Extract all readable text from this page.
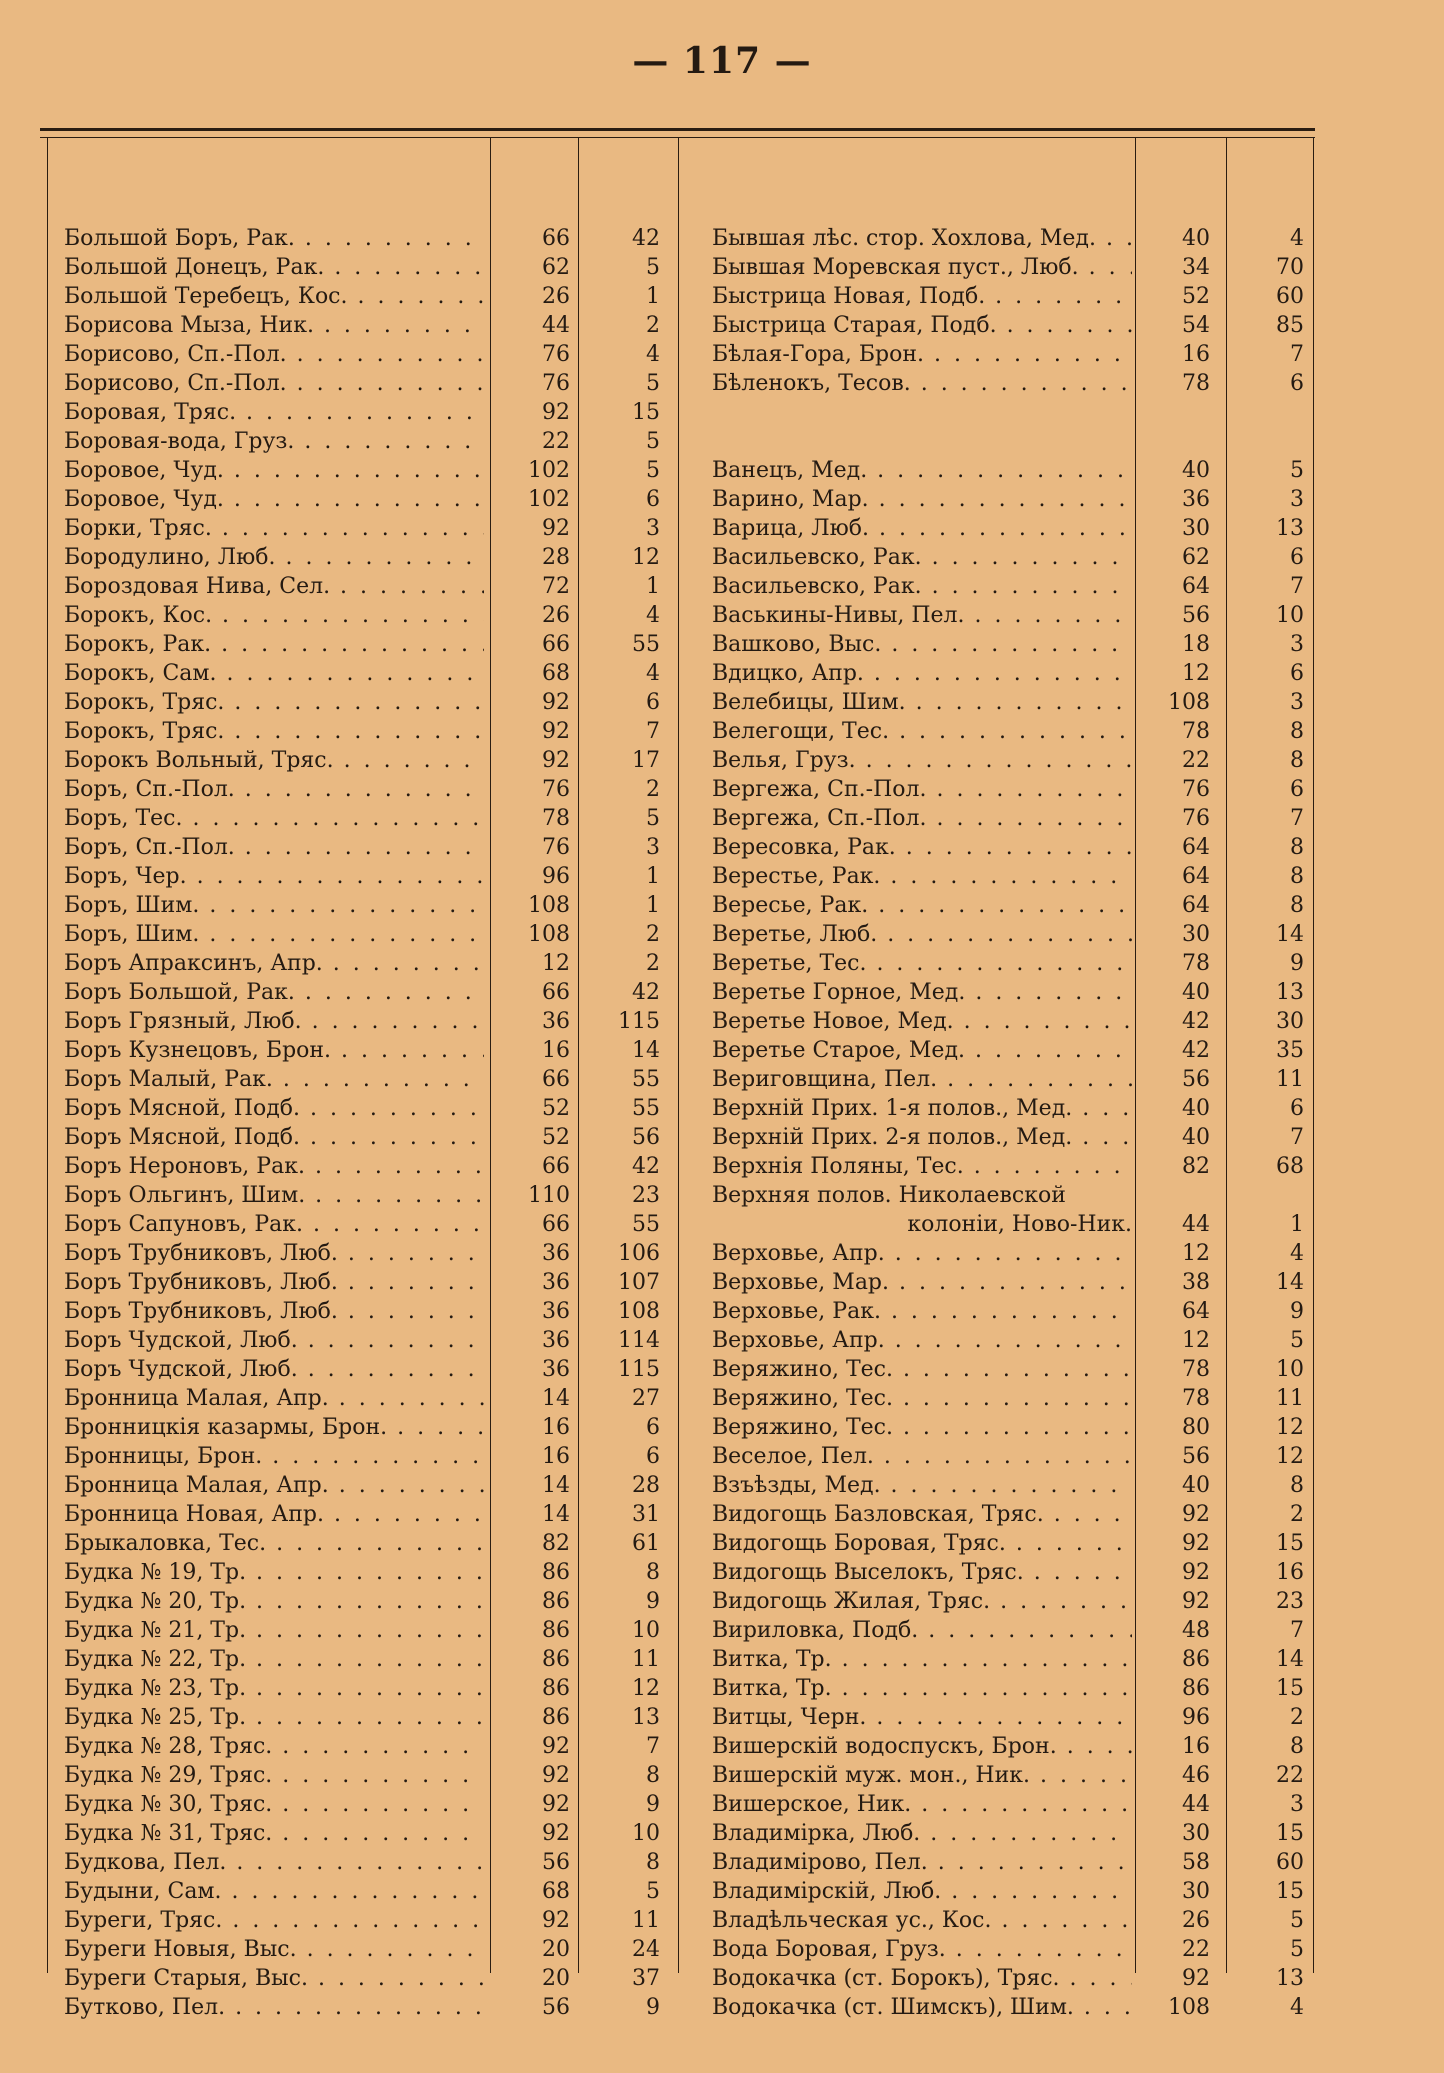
— 117 —
Большой Боръ, Рак. . . .	66	42
Большой Донецъ, Рак. . . .	62	5
Большой Теребецъ, Кос. . . .	26	1
Борисова Мыза, Ник. . . .	44	2
Борисово, Сп.-Пол. . . .	76	4
Борисово, Сп.-Пол. . . .	76	5
Боровая, Тряс. . . .	92	15
Боровая-вода, Груз. . . .	22	5
Боровое, Чуд. . . .	102	5
Боровое, Чуд. . . .	102	6
Борки, Тряс. . . .	92	3
Бородулино, Люб. . . .	28	12
Бороздовая Нива, Сел. . . .	72	1
Борокъ, Кос. . . .	26	4
Борокъ, Рак. . . .	66	55
Борокъ, Сам. . . .	68	4
Борокъ, Тряс. . . .	92	6
Борокъ, Тряс. . . .	92	7
Борокъ Вольный, Тряс. . . .	92	17
Боръ, Сп.-Пол. . . .	76	2
Боръ, Тес. . . .	78	5
Боръ, Сп.-Пол. . . .	76	3
Боръ, Чер. . . .	96	1
Боръ, Шим. . . .	108	1
Боръ, Шим. . . .	108	2
Боръ Апраксинъ, Апр. . . .	12	2
Боръ Большой, Рак. . . .	66	42
Боръ Грязный, Люб. . . .	36	115
Боръ Кузнецовъ, Брон. . . .	16	14
Боръ Малый, Рак. . . .	66	55
Боръ Мясной, Подб. . . .	52	55
Боръ Мясной, Подб. . . .	52	56
Боръ Нероновъ, Рак. . . .	66	42
Боръ Ольгинъ, Шим. . . .	110	23
Боръ Сапуновъ, Рак. . . .	66	55
Боръ Трубниковъ, Люб. . . .	36	106
Боръ Трубниковъ, Люб. . . .	36	107
Боръ Трубниковъ, Люб. . . .	36	108
Боръ Чудской, Люб. . . .	36	114
Боръ Чудской, Люб. . . .	36	115
Бронница Малая, Апр. . . .	14	27
Бронницкія казармы, Брон. . . .	16	6
Бронницы, Брон. . . .	16	6
Бронница Малая, Апр. . . .	14	28
Бронница Новая, Апр. . . .	14	31
Брыкаловка, Тес. . . .	82	61
Будка № 19, Тр. . . .	86	8
Будка № 20, Тр. . . .	86	9
Будка № 21, Тр. . . .	86	10
Будка № 22, Тр. . . .	86	11
Будка № 23, Тр. . . .	86	12
Будка № 25, Тр. . . .	86	13
Будка № 28, Тряс. . . .	92	7
Будка № 29, Тряс. . . .	92	8
Будка № 30, Тряс. . . .	92	9
Будка № 31, Тряс. . . .	92	10
Будкова, Пел. . . .	56	8
Будыни, Сам. . . .	68	5
Буреги, Тряс. . . .	92	11
Буреги Новыя, Выс. . . .	20	24
Буреги Старыя, Выс. . . .	20	37
Бутково, Пел. . . .	56	9
Бывшая лѣс. стор. Хохлова, Мед. . . .	40	4
Бывшая Моревская пуст., Люб. . . .	34	70
Быстрица Новая, Подб. . . .	52	60
Быстрица Старая, Подб. . . .	54	85
Бѣлая-Гора, Брон. . . .	16	7
Бѣленокъ, Тесов. . . .	78	6
Ванецъ, Мед. . . .	40	5
Варино, Мар. . . .	36	3
Варица, Люб. . . .	30	13
Васильевско, Рак. . . .	62	6
Васильевско, Рак. . . .	64	7
Васькины-Нивы, Пел. . . .	56	10
Вашково, Выс. . . .	18	3
Вдицко, Апр. . . .	12	6
Велебицы, Шим. . . .	108	3
Велегощи, Тес. . . .	78	8
Велья, Груз. . . .	22	8
Вергежа, Сп.-Пол. . . .	76	6
Вергежа, Сп.-Пол. . . .	76	7
Вересовка, Рак. . . .	64	8
Верестье, Рак. . . .	64	8
Вересье, Рак. . . .	64	8
Веретье, Люб. . . .	30	14
Веретье, Тес. . . .	78	9
Веретье Горное, Мед. . . .	40	13
Веретье Новое, Мед. . . .	42	30
Веретье Старое, Мед. . . .	42	35
Вериговщина, Пел. . . .	56	11
Верхній Прих. 1-я полов., Мед. . . .	40	6
Верхній Прих. 2-я полов., Мед. . . .	40	7
Верхнія Поляны, Тес. . . .	82	68
Верхняя полов. Николаевской
колоніи, Ново-Ник.	44	1
Верховье, Апр. . . .	12	4
Верховье, Мар. . . .	38	14
Верховье, Рак. . . .	64	9
Верховье, Апр. . . .	12	5
Веряжино, Тес. . . .	78	10
Веряжино, Тес. . . .	78	11
Веряжино, Тес. . . .	80	12
Веселое, Пел. . . .	56	12
Взъѣзды, Мед. . . .	40	8
Видогощь Базловская, Тряс. . . .	92	2
Видогощь Боровая, Тряс. . . .	92	15
Видогощь Выселокъ, Тряс. . . .	92	16
Видогощь Жилая, Тряс. . . .	92	23
Вириловка, Подб. . . .	48	7
Витка, Тр. . . .	86	14
Витка, Тр. . . .	86	15
Витцы, Черн. . . .	96	2
Вишерскій водоспускъ, Брон. . . .	16	8
Вишерскій муж. мон., Ник. . . .	46	22
Вишерское, Ник. . . .	44	3
Владимірка, Люб. . . .	30	15
Владимірово, Пел. . . .	58	60
Владимірскій, Люб. . . .	30	15
Владѣльческая ус., Кос. . . .	26	5
Вода Боровая, Груз. . . .	22	5
Водокачка (ст. Борокъ), Тряс. . . .	92	13
Водокачка (ст. Шимскъ), Шим. . . .	108	4
